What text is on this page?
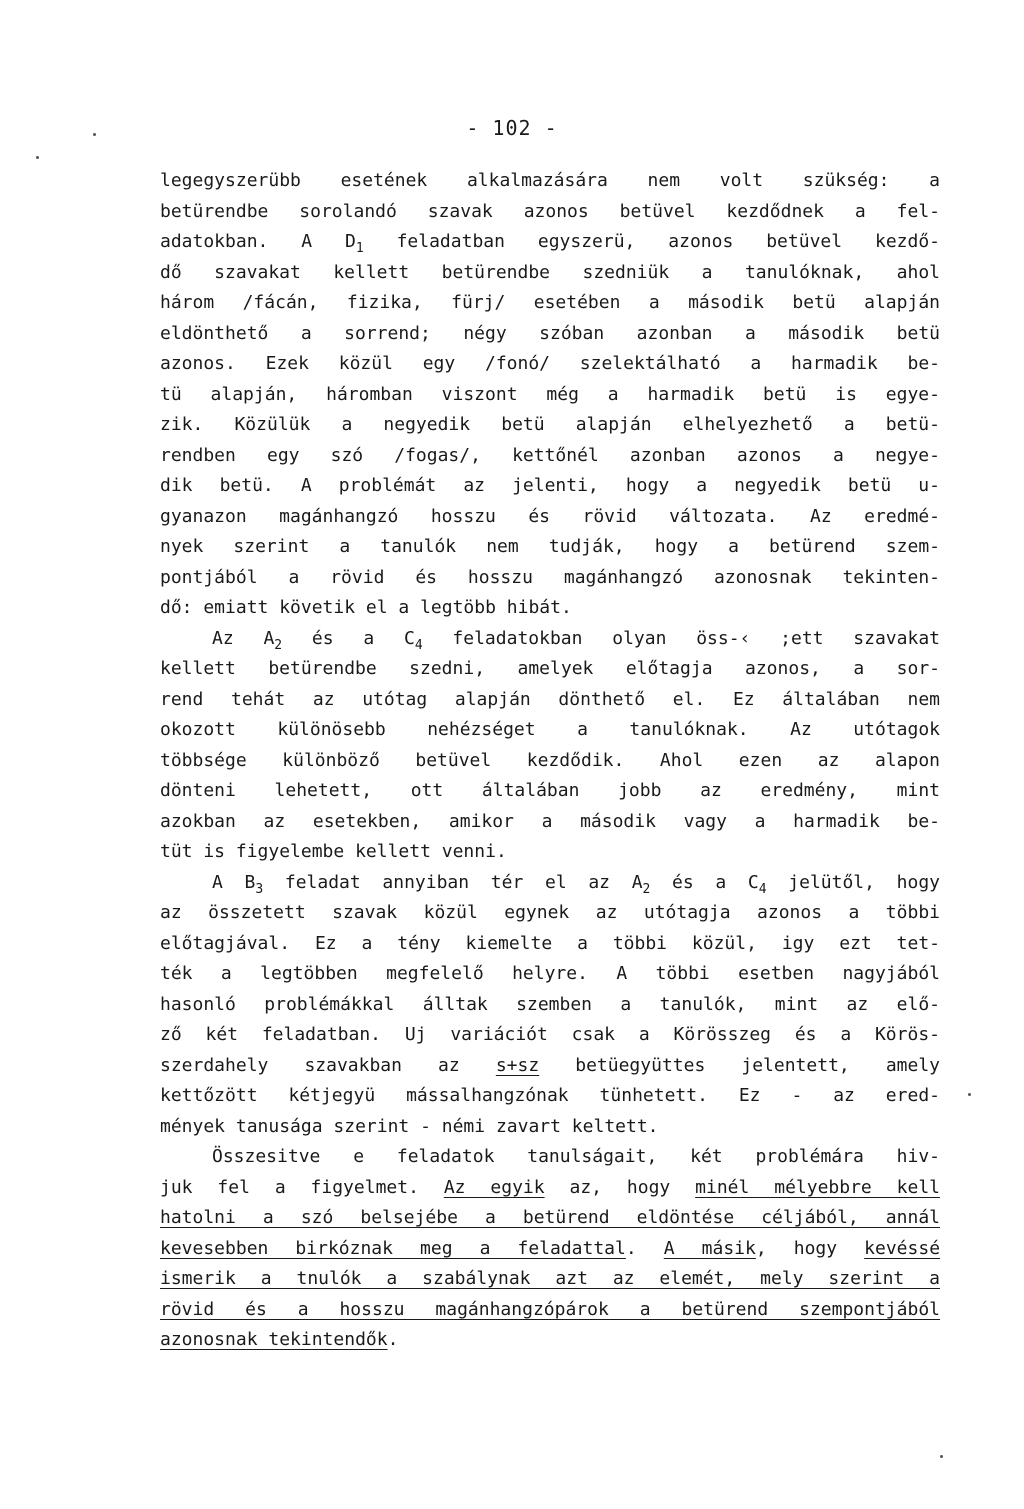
- 102 -
legegyszerübb esetének alkalmazására nem volt szükség: a
betürendbe sorolandó szavak azonos betüvel kezdődnek a fel-
adatokban. A $D_1$ feladatban egyszerü, azonos betüvel kezdő-
dő szavakat kellett betürendbe szedniük a tanulóknak, ahol
három /fácán, fizika, fürj/ esetében a második betü alapján
eldönthető a sorrend; négy szóban azonban a második betü
azonos. Ezek közül egy /fonó/ szelektálható a harmadik be-
tü alapján, háromban viszont még a harmadik betü is egye-
zik. Közülük a negyedik betü alapján elhelyezhető a betü-
rendben egy szó /fogas/, kettőnél azonban azonos a negye-
dik betü. A problémát az jelenti, hogy a negyedik betü u-
gyanazon magánhangzó hosszu és rövid változata. Az eredmé-
nyek szerint a tanulók nem tudják, hogy a betürend szem-
pontjából a rövid és hosszu magánhangzó azonosnak tekinten-
dő: emiatt követik el a legtöbb hibát.
Az $A_2$ és a $C_4$ feladatokban olyan öss-‹ ;ett szavakat
kellett betürendbe szedni, amelyek előtagja azonos, a sor-
rend tehát az utótag alapján dönthető el. Ez általában nem
okozott különösebb nehézséget a tanulóknak. Az utótagok
többsége különböző betüvel kezdődik. Ahol ezen az alapon
dönteni lehetett, ott általában jobb az eredmény, mint
azokban az esetekben, amikor a második vagy a harmadik be-
tüt is figyelembe kellett venni.
A $B_3$ feladat annyiban tér el az $A_2$ és a $C_4$ jelütől, hogy
az összetett szavak közül egynek az utótagja azonos a többi
előtagjával. Ez a tény kiemelte a többi közül, igy ezt tet-
ték a legtöbben megfelelő helyre. A többi esetben nagyjából
hasonló problémákkal álltak szemben a tanulók, mint az elő-
ző két feladatban. Uj variációt csak a Körösszeg és a Körös-
szerdahely szavakban az s+sz betüegyüttes jelentett, amely
kettőzött kétjegyü mássalhangzónak tünhetett. Ez - az ered-
mények tanusága szerint - némi zavart keltett.
Összesitve e feladatok tanulságait, két problémára hiv-
juk fel a figyelmet. Az egyik az, hogy minél mélyebbre kell
hatolni a szó belsejébe a betürend eldöntése céljából, annál
kevesebben birkóznak meg a feladattal. A másik, hogy kevéssé
ismerik a tnulók a szabálynak azt az elemét, mely szerint a
rövid és a hosszu magánhangzópárok a betürend szempontjából
azonosnak tekintendők.
